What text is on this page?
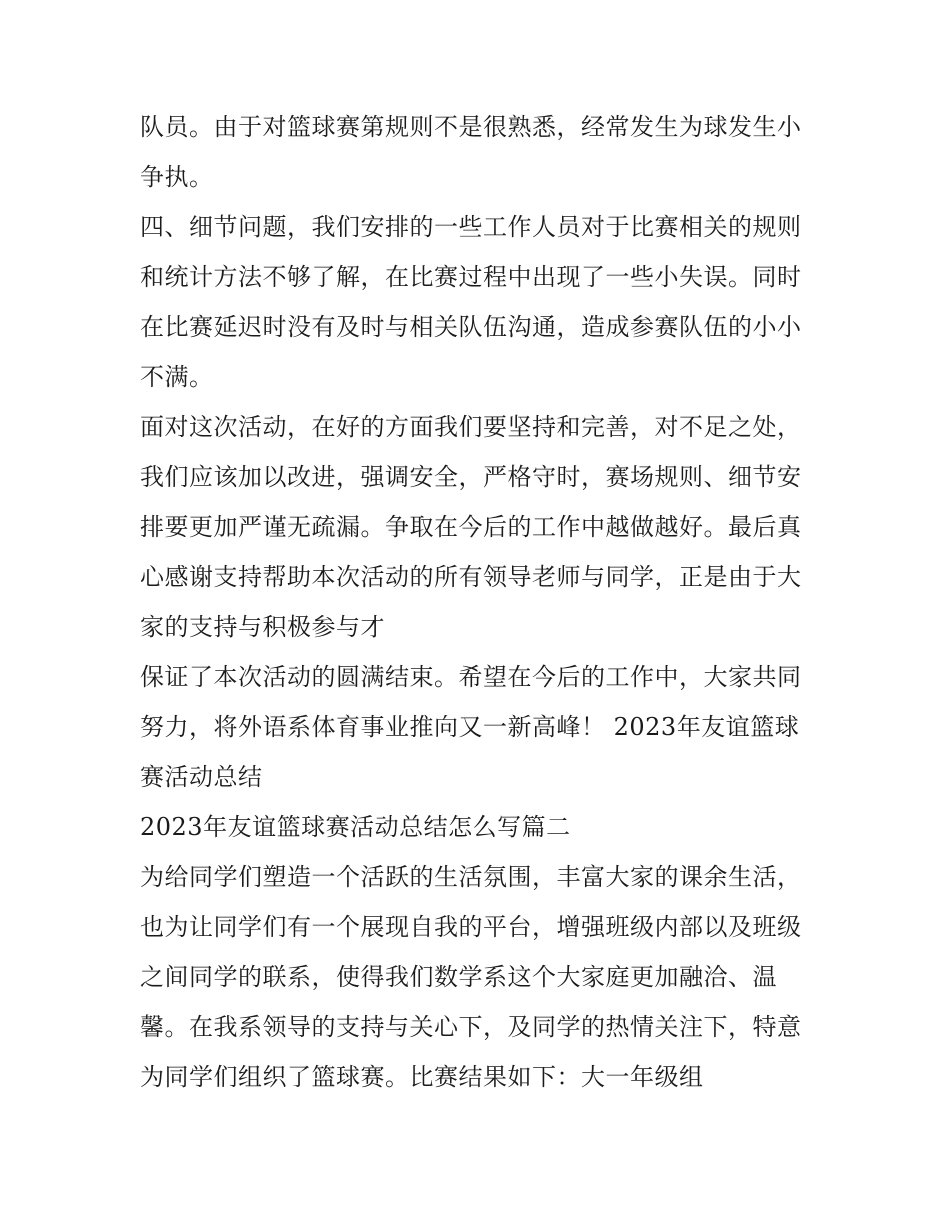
队员。由于对篮球赛第规则不是很熟悉，经常发生为球发生小
争执。
四、细节问题，我们安排的一些工作人员对于比赛相关的规则
和统计方法不够了解，在比赛过程中出现了一些小失误。同时
在比赛延迟时没有及时与相关队伍沟通，造成参赛队伍的小小
不满。
面对这次活动，在好的方面我们要坚持和完善，对不足之处，
我们应该加以改进，强调安全，严格守时，赛场规则、细节安
排要更加严谨无疏漏。争取在今后的工作中越做越好。最后真
心感谢支持帮助本次活动的所有领导老师与同学，正是由于大
家的支持与积极参与才
保证了本次活动的圆满结束。希望在今后的工作中，大家共同
努力，将外语系体育事业推向又一新高峰！ 2023年友谊篮球
赛活动总结
2023年友谊篮球赛活动总结怎么写篇二
为给同学们塑造一个活跃的生活氛围，丰富大家的课余生活，
也为让同学们有一个展现自我的平台，增强班级内部以及班级
之间同学的联系，使得我们数学系这个大家庭更加融洽、温
馨。在我系领导的支持与关心下，及同学的热情关注下，特意
为同学们组织了篮球赛。比赛结果如下：大一年级组
